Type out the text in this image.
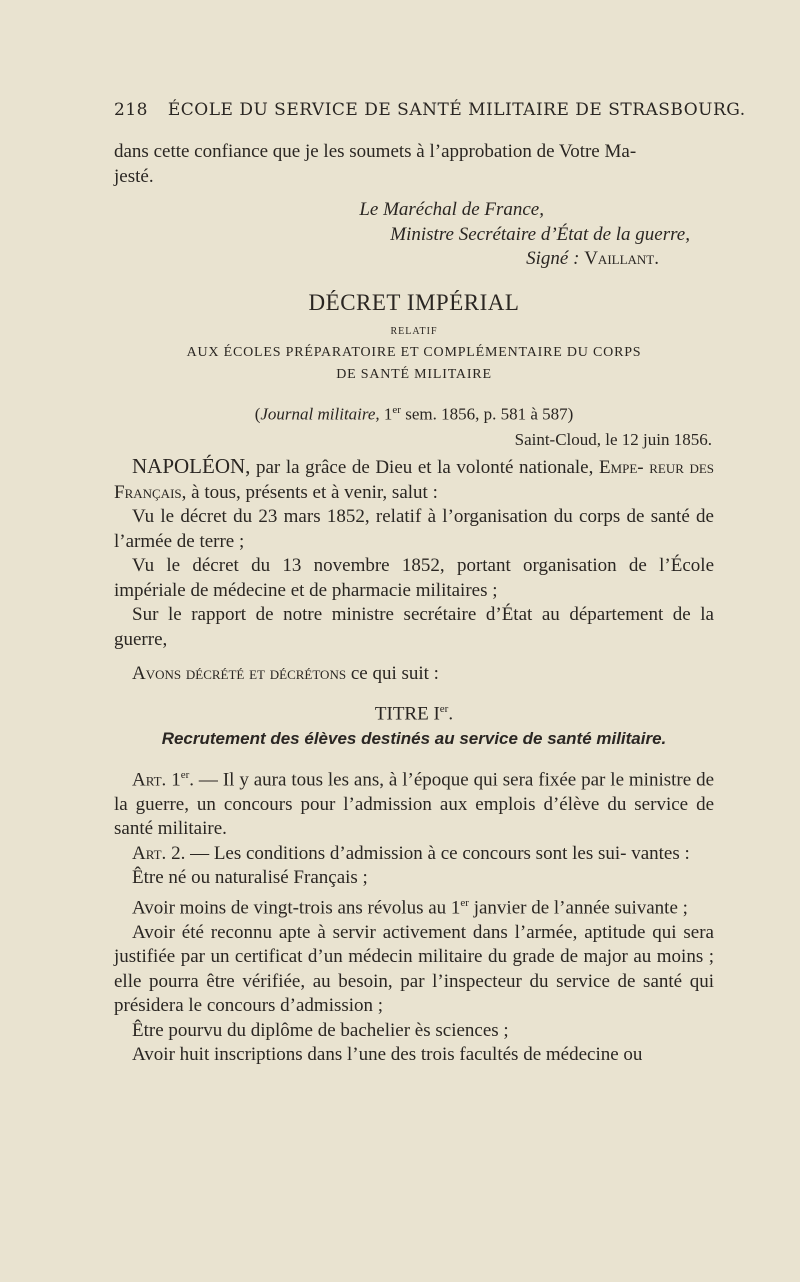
218 ÉCOLE DU SERVICE DE SANTÉ MILITAIRE DE STRASBOURG.

dans cette confiance que je les soumets à l’approbation de Votre Ma-
jesté.

Le Maréchal de France,
Ministre Secrétaire d’État de la guerre,
Signé : Vaillant.
DÉCRET IMPÉRIAL
RELATIF
AUX ÉCOLES PRÉPARATOIRE ET COMPLÉMENTAIRE DU CORPS
DE SANTÉ MILITAIRE
(Journal militaire, 1er sem. 1856, p. 581 à 587)
Saint-Cloud, le 12 juin 1856.

NAPOLÉON, par la grâce de Dieu et la volonté nationale, Empe- reur des Français, à tous, présents et à venir, salut :

Vu le décret du 23 mars 1852, relatif à l’organisation du corps de santé de l’armée de terre ;

Vu le décret du 13 novembre 1852, portant organisation de l’École impériale de médecine et de pharmacie militaires ;

Sur le rapport de notre ministre secrétaire d’État au département de la guerre,

Avons décrété et décrétons ce qui suit :

TITRE Ier.
Recrutement des élèves destinés au service de santé militaire.

Art. 1er. — Il y aura tous les ans, à l’époque qui sera fixée par le ministre de la guerre, un concours pour l’admission aux emplois d’élève du service de santé militaire.

Art. 2. — Les conditions d’admission à ce concours sont les sui- vantes :

Être né ou naturalisé Français ;

Avoir moins de vingt-trois ans révolus au 1er janvier de l’année suivante ;

Avoir été reconnu apte à servir activement dans l’armée, aptitude qui sera justifiée par un certificat d’un médecin militaire du grade de major au moins ; elle pourra être vérifiée, au besoin, par l’inspecteur du service de santé qui présidera le concours d’admission ;

Être pourvu du diplôme de bachelier ès sciences ;

Avoir huit inscriptions dans l’une des trois facultés de médecine ou
